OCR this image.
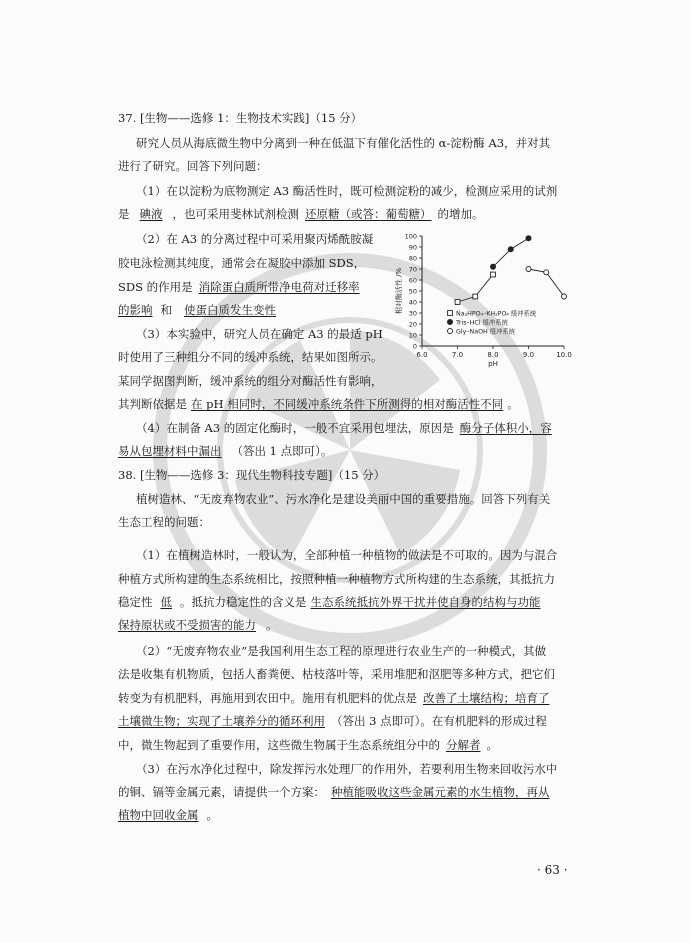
37. [生物——选修 1：生物技术实践]（15 分）
研究人员从海底微生物中分离到一种在低温下有催化活性的 α-淀粉酶 A3，并对其
进行了研究。回答下列问题：
（1）在以淀粉为底物测定 A3 酶活性时，既可检测淀粉的减少，检测应采用的试剂
是 碘液 ，也可采用斐林试剂检测 还原糖（或答：葡萄糖） 的增加。
（2）在 A3 的分离过程中可采用聚丙烯酰胺凝
胶电泳检测其纯度，通常会在凝胶中添加 SDS，
SDS 的作用是 消除蛋白质所带净电荷对迁移率
的影响 和 使蛋白质发生变性
（3）本实验中，研究人员在确定 A3 的最适 pH
时使用了三种组分不同的缓冲系统，结果如图所示。
某同学据图判断，缓冲系统的组分对酶活性有影响，
其判断依据是 在 pH 相同时，不同缓冲系统条件下所测得的相对酶活性不同 。
（4）在制备 A3 的固定化酶时，一般不宜采用包埋法，原因是 酶分子体积小，容
易从包埋材料中漏出 （答出 1 点即可）。
0
10
20
30
40
50
60
70
80
90
100
6.0	7.0	8.0	9.0	10.0
pH
相对酶活性 /%	Na₂HPO₄–KH₂PO₄ 缓冲系统
Tris–HCl 缓冲系统
Gly–NaOH 缓冲系统
38. [生物——选修 3：现代生物科技专题]（15 分）
植树造林、“无废弃物农业”、污水净化是建设美丽中国的重要措施。回答下列有关
生态工程的问题：
（1）在植树造林时，一般认为，全部种植一种植物的做法是不可取的。因为与混合
种植方式所构建的生态系统相比，按照种植一种植物方式所构建的生态系统，其抵抗力
稳定性 低 。抵抗力稳定性的含义是 生态系统抵抗外界干扰并使自身的结构与功能
保持原状或不受损害的能力 。
（2）“无废弃物农业”是我国利用生态工程的原理进行农业生产的一种模式，其做
法是收集有机物质，包括人畜粪便、枯枝落叶等，采用堆肥和沤肥等多种方式，把它们
转变为有机肥料，再施用到农田中。施用有机肥料的优点是 改善了土壤结构；培育了
土壤微生物；实现了土壤养分的循环利用 （答出 3 点即可）。在有机肥料的形成过程
中，微生物起到了重要作用，这些微生物属于生态系统组分中的 分解者 。
（3）在污水净化过程中，除发挥污水处理厂的作用外，若要利用生物来回收污水中
的铜、镉等金属元素，请提供一个方案： 种植能吸收这些金属元素的水生植物，再从
植物中回收金属 。
· 63 ·
